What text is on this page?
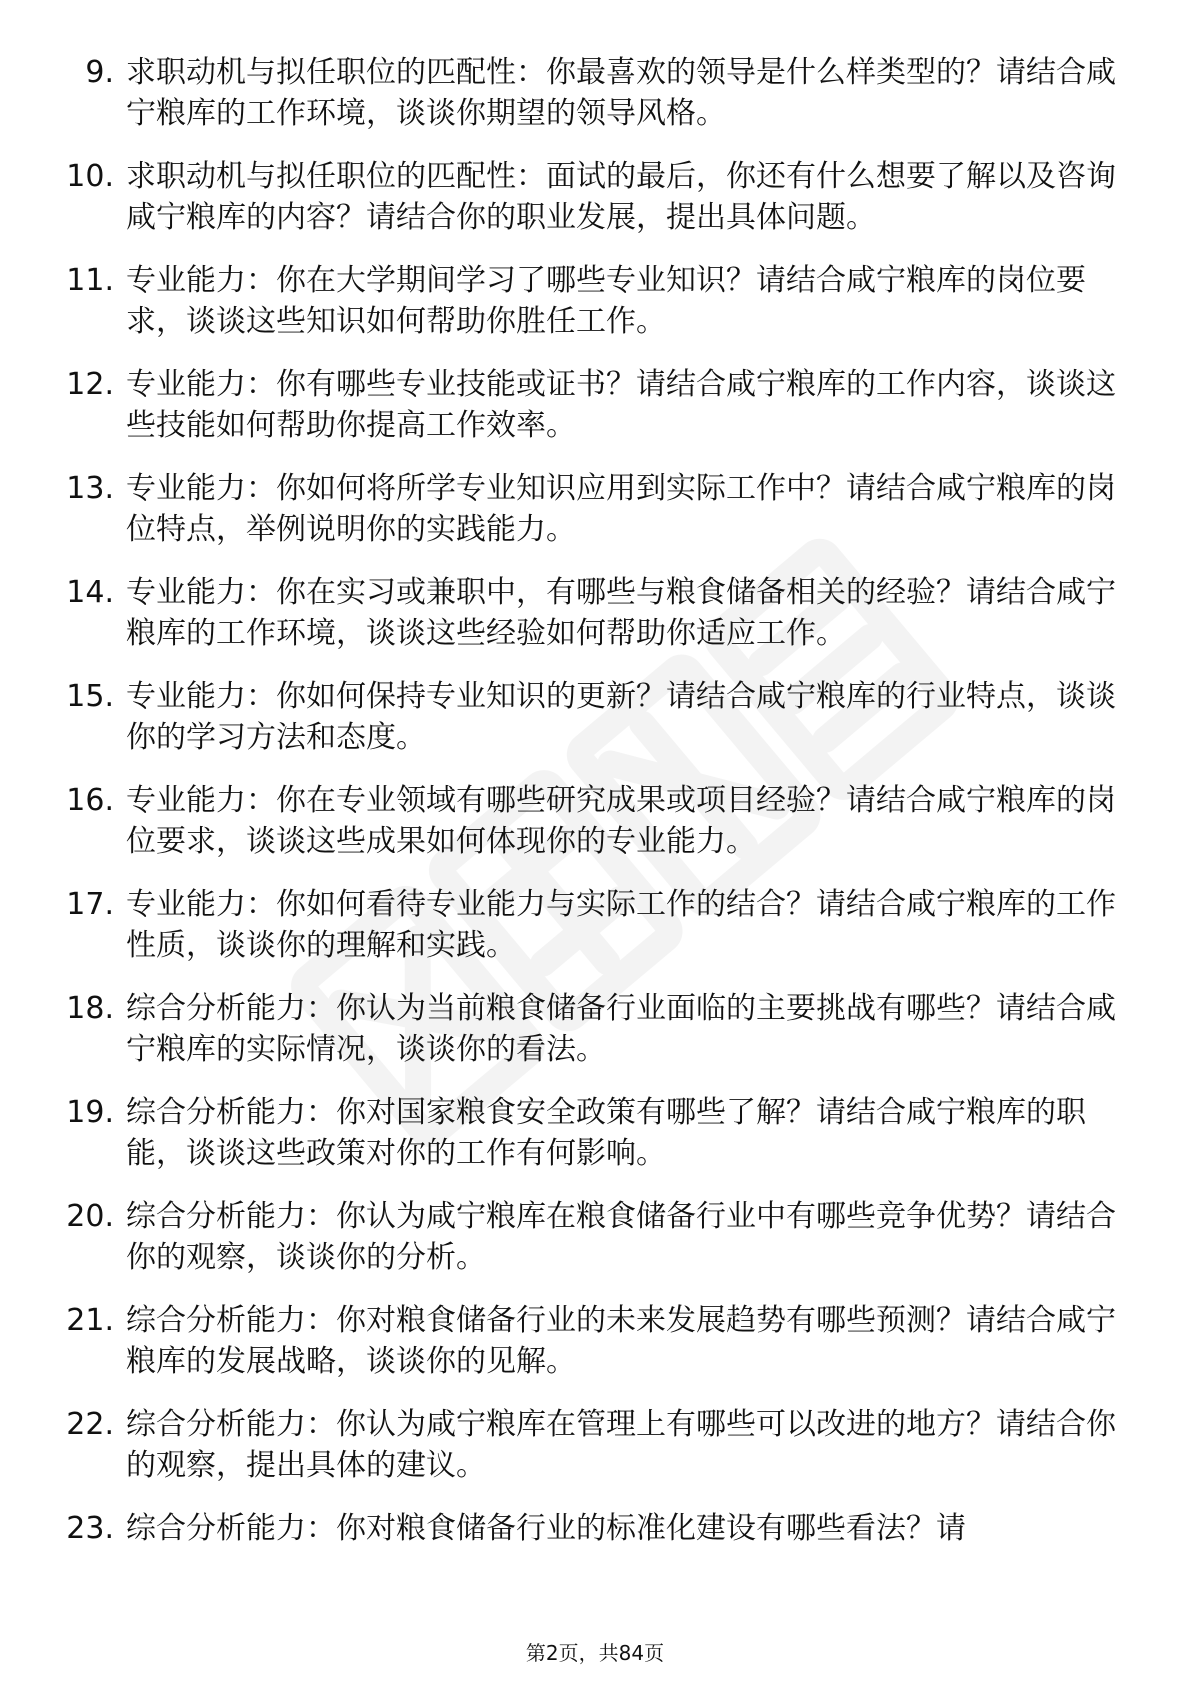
9. 求职动机与拟任职位的匹配性：你最喜欢的领导是什么样类型的？请结合咸宁粮库的工作环境，谈谈你期望的领导风格。
10. 求职动机与拟任职位的匹配性：面试的最后，你还有什么想要了解以及咨询咸宁粮库的内容？请结合你的职业发展，提出具体问题。
11. 专业能力：你在大学期间学习了哪些专业知识？请结合咸宁粮库的岗位要求，谈谈这些知识如何帮助你胜任工作。
12. 专业能力：你有哪些专业技能或证书？请结合咸宁粮库的工作内容，谈谈这些技能如何帮助你提高工作效率。
13. 专业能力：你如何将所学专业知识应用到实际工作中？请结合咸宁粮库的岗位特点，举例说明你的实践能力。
14. 专业能力：你在实习或兼职中，有哪些与粮食储备相关的经验？请结合咸宁粮库的工作环境，谈谈这些经验如何帮助你适应工作。
15. 专业能力：你如何保持专业知识的更新？请结合咸宁粮库的行业特点，谈谈你的学习方法和态度。
16. 专业能力：你在专业领域有哪些研究成果或项目经验？请结合咸宁粮库的岗位要求，谈谈这些成果如何体现你的专业能力。
17. 专业能力：你如何看待专业能力与实际工作的结合？请结合咸宁粮库的工作性质，谈谈你的理解和实践。
18. 综合分析能力：你认为当前粮食储备行业面临的主要挑战有哪些？请结合咸宁粮库的实际情况，谈谈你的看法。
19. 综合分析能力：你对国家粮食安全政策有哪些了解？请结合咸宁粮库的职能，谈谈这些政策对你的工作有何影响。
20. 综合分析能力：你认为咸宁粮库在粮食储备行业中有哪些竞争优势？请结合你的观察，谈谈你的分析。
21. 综合分析能力：你对粮食储备行业的未来发展趋势有哪些预测？请结合咸宁粮库的发展战略，谈谈你的见解。
22. 综合分析能力：你认为咸宁粮库在管理上有哪些可以改进的地方？请结合你的观察，提出具体的建议。
23. 综合分析能力：你对粮食储备行业的标准化建设有哪些看法？请
第2页，共84页
